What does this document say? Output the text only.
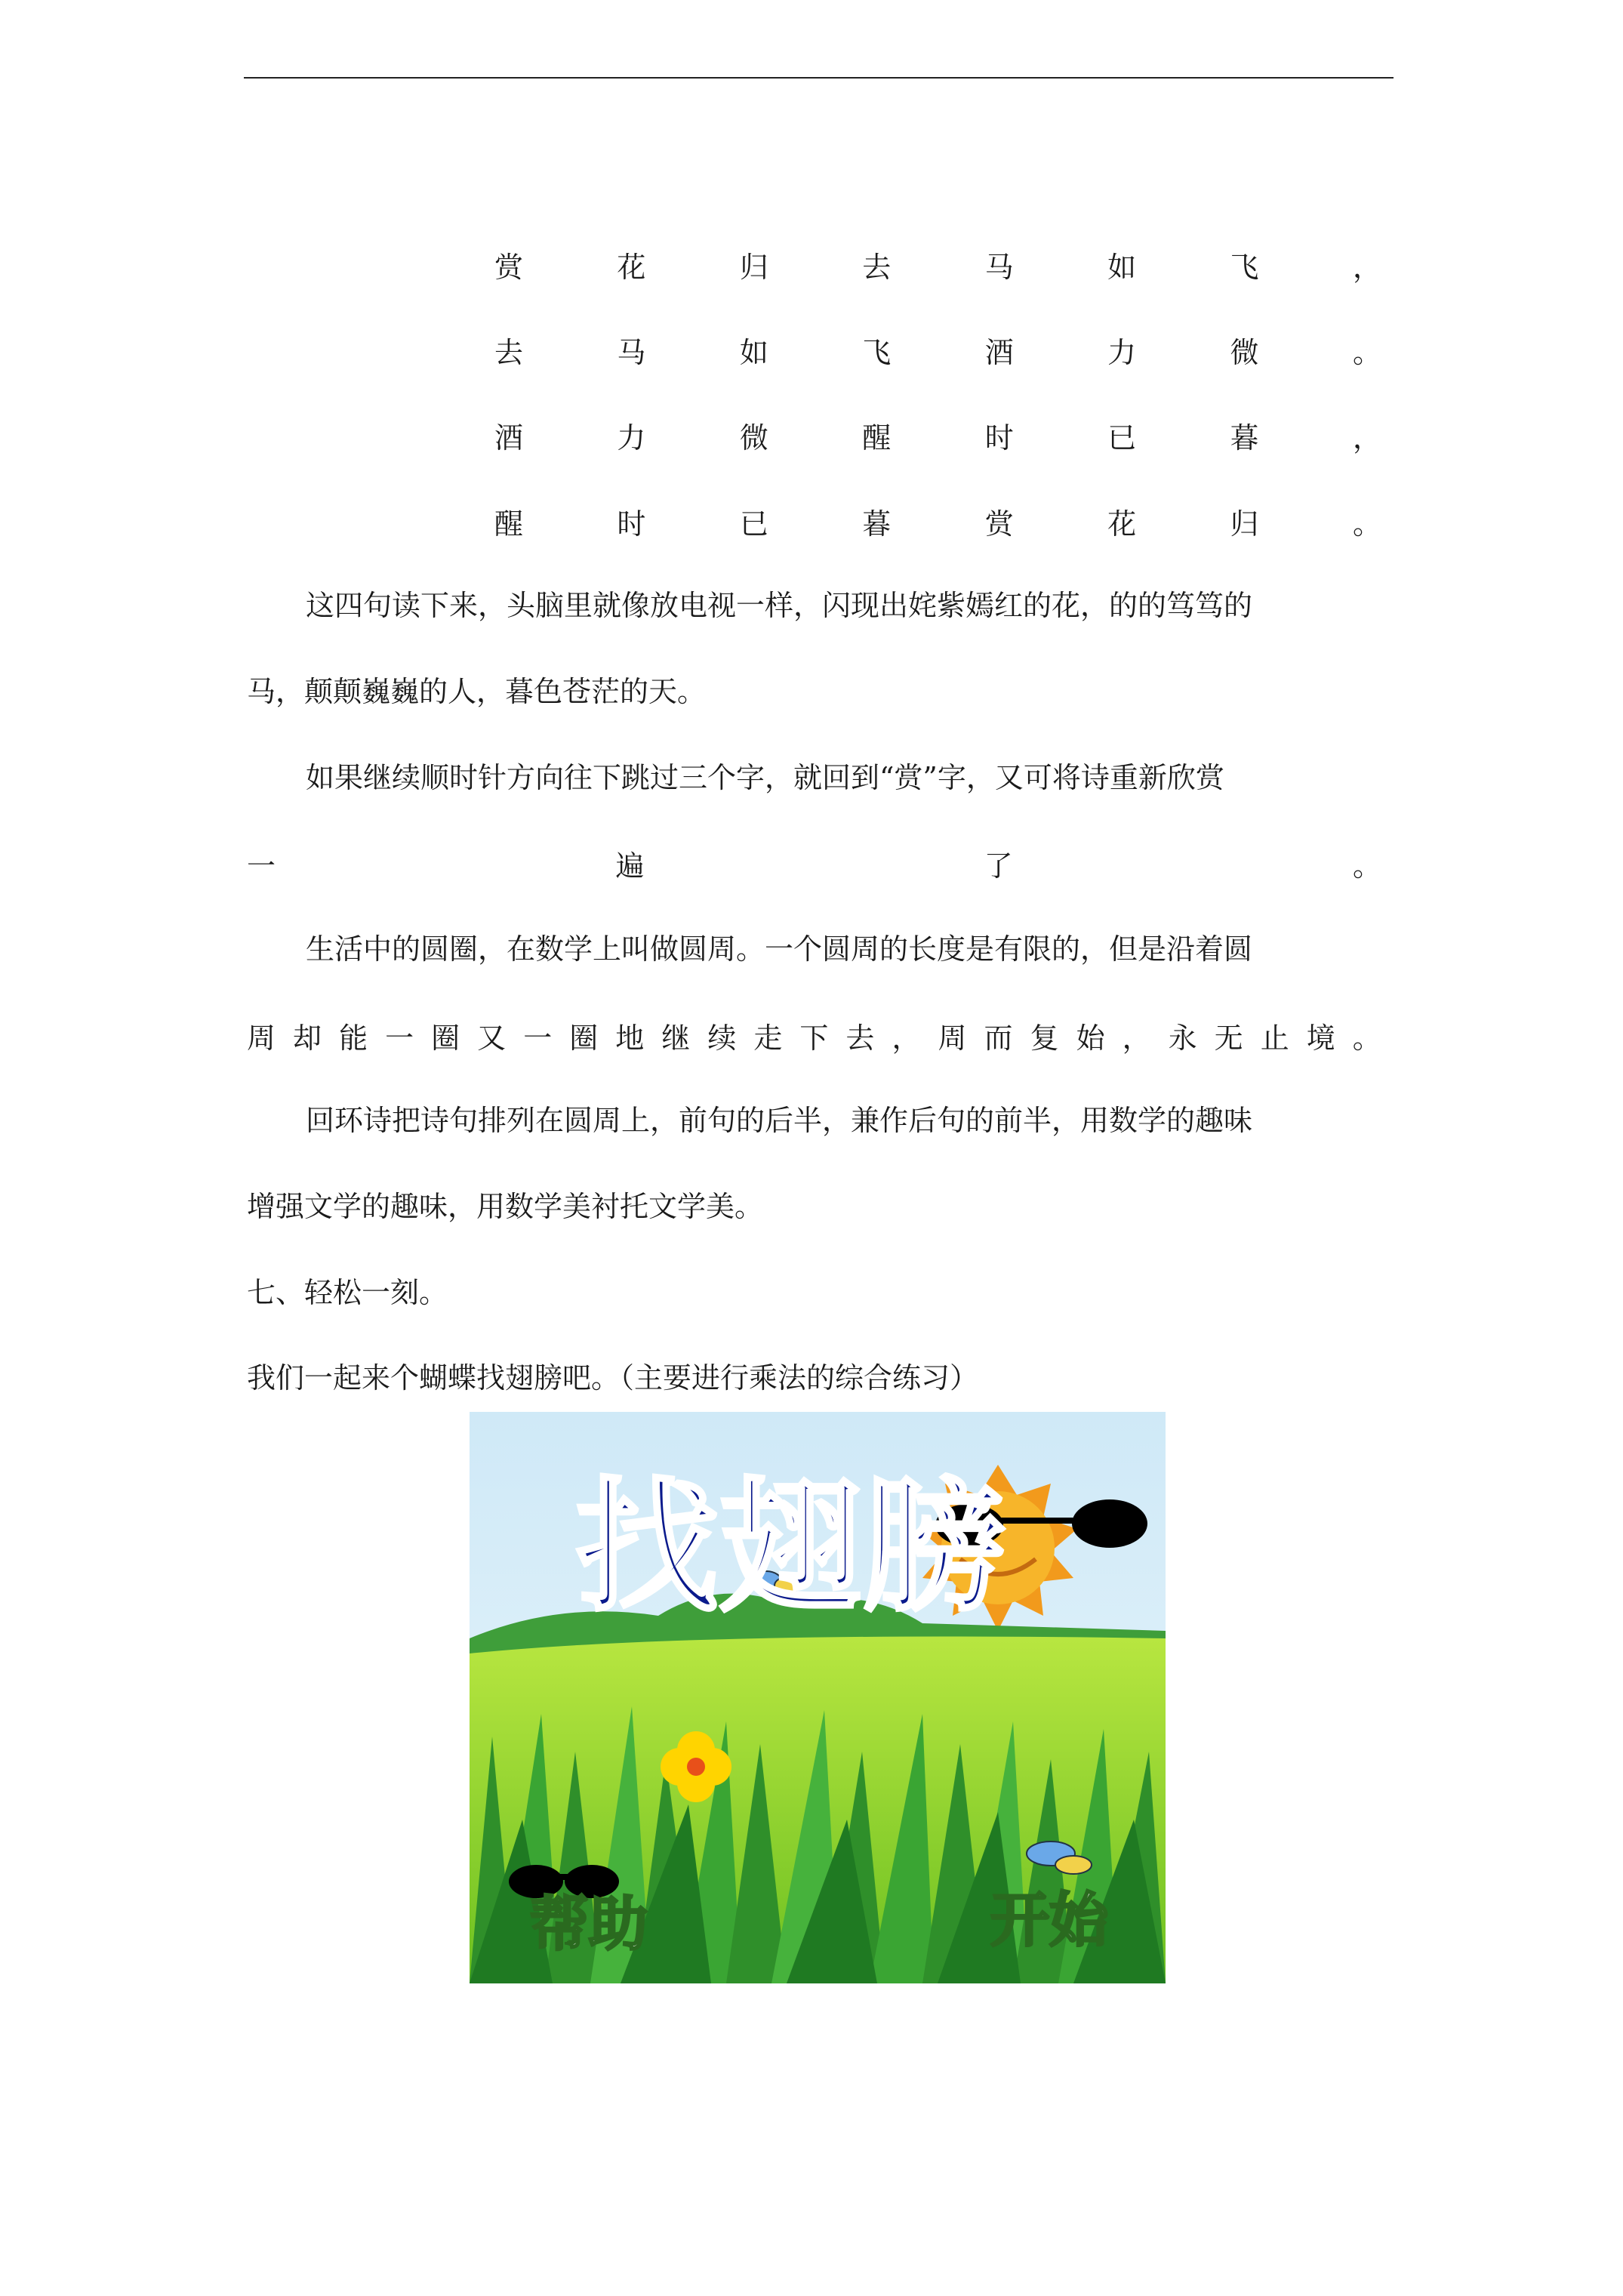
赏	花	归	去	马	如	飞	，
去	马	如	飞	酒	力	微	。
酒	力	微	醒	时	已	暮	，
醒	时	已	暮	赏	花	归	。
这四句读下来，头脑里就像放电视一样，闪现出姹紫嫣红的花，的的笃笃的
马，颠颠巍巍的人，暮色苍茫的天。
如果继续顺时针方向往下跳过三个字，就回到“赏”字，又可将诗重新欣赏
一	遍	了	。
生活中的圆圈，在数学上叫做圆周。一个圆周的长度是有限的，但是沿着圆
周 却 能 一 圈 又 一 圈 地 继 续 走 下 去 ， 周 而 复 始 ， 永 无 止 境 。
回环诗把诗句排列在圆周上，前句的后半，兼作后句的前半，用数学的趣味
增强文学的趣味，用数学美衬托文学美。
七、轻松一刻。
我们一起来个蝴蝶找翅膀吧。（主要进行乘法的综合练习）
找翅膀
帮助	开始
